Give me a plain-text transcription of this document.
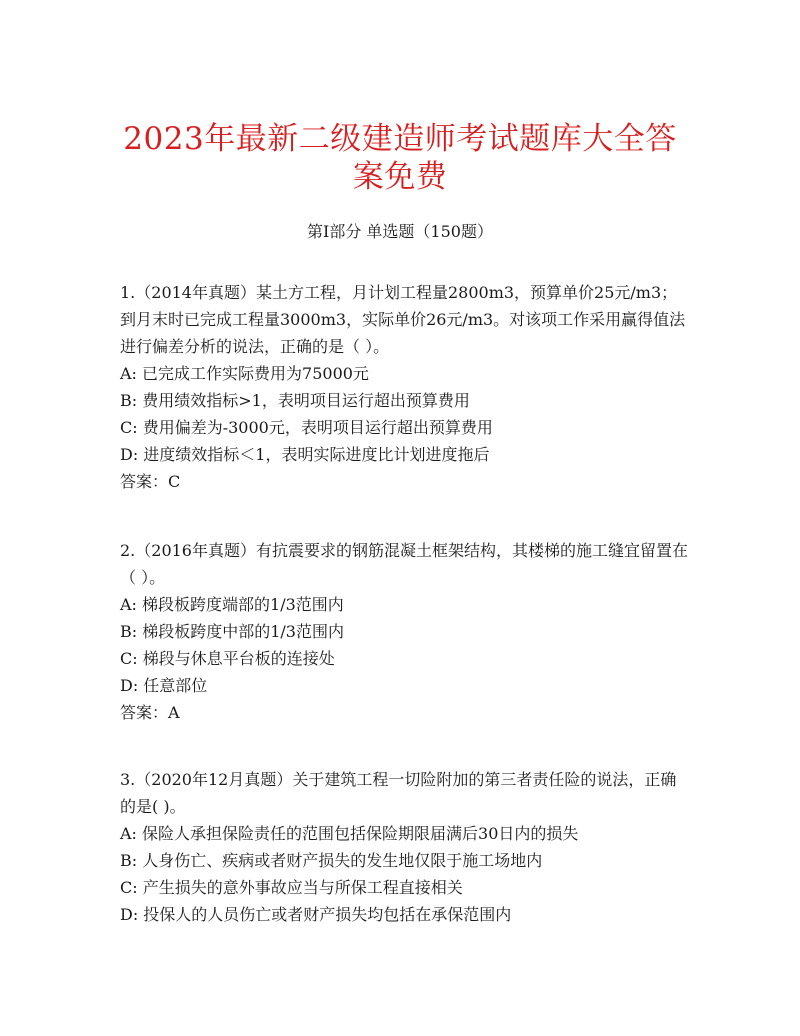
2023年最新二级建造师考试题库大全答案免费
第I部分 单选题（150题）

1.（2014年真题）某土方工程，月计划工程量2800m3，预算单价25元/m3；到月末时已完成工程量3000m3，实际单价26元/m3。对该项工作采用赢得值法进行偏差分析的说法，正确的是（ ）。

A: 已完成工作实际费用为75000元

B: 费用绩效指标>1，表明项目运行超出预算费用

C: 费用偏差为-3000元，表明项目运行超出预算费用

D: 进度绩效指标＜1，表明实际进度比计划进度拖后

答案：C

2.（2016年真题）有抗震要求的钢筋混凝土框架结构，其楼梯的施工缝宜留置在（ ）。

A: 梯段板跨度端部的1/3范围内

B: 梯段板跨度中部的1/3范围内

C: 梯段与休息平台板的连接处

D: 任意部位

答案：A

3.（2020年12月真题）关于建筑工程一切险附加的第三者责任险的说法，正确的是( )。

A: 保险人承担保险责任的范围包括保险期限届满后30日内的损失

B: 人身伤亡、疾病或者财产损失的发生地仅限于施工场地内

C: 产生损失的意外事故应当与所保工程直接相关

D: 投保人的人员伤亡或者财产损失均包括在承保范围内
